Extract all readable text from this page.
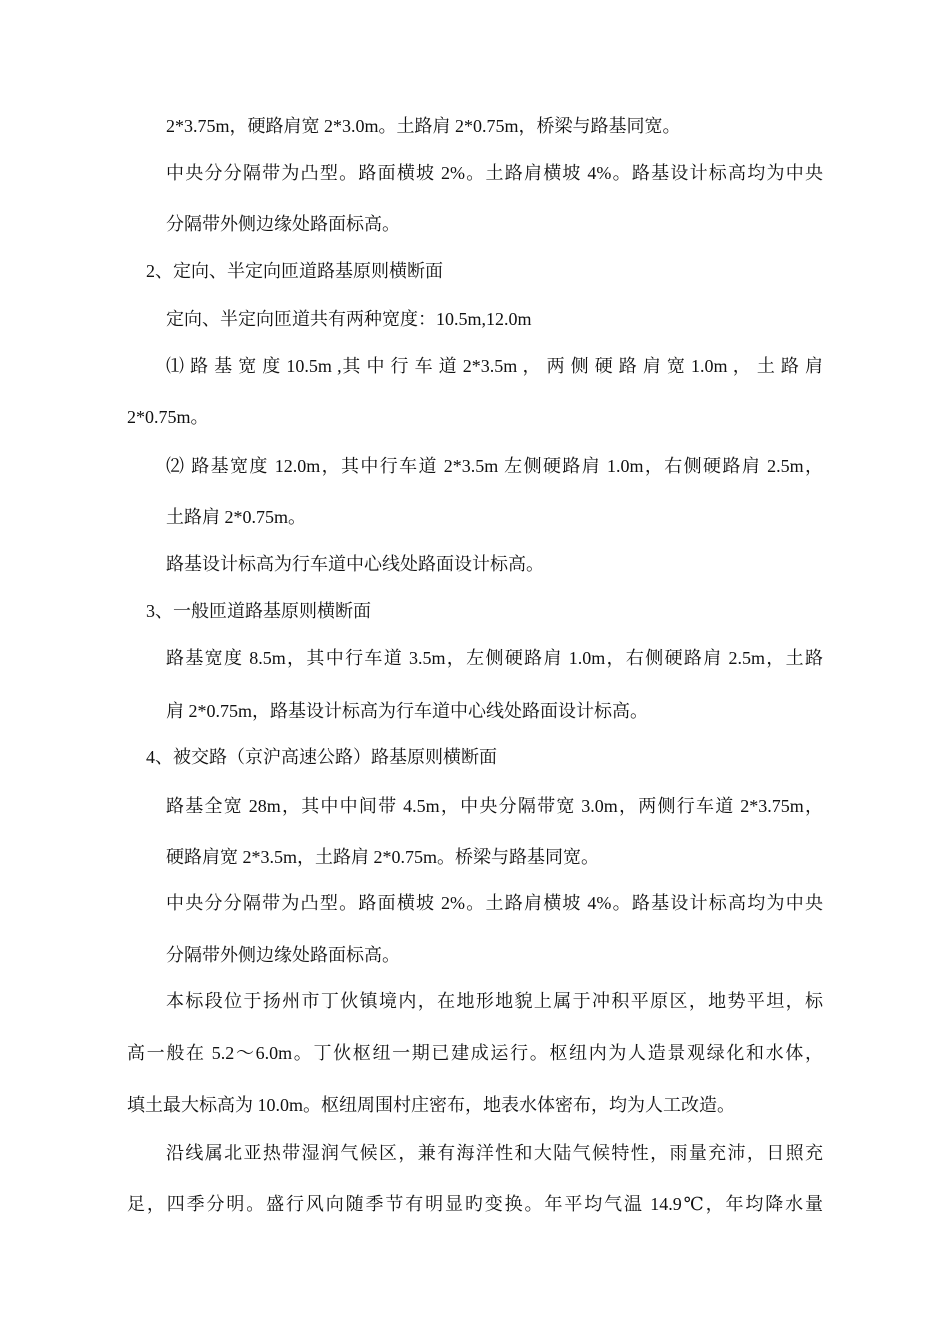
2*3.75m，硬路肩宽 2*3.0m。土路肩 2*0.75m，桥梁与路基同宽。
中央分分隔带为凸型。路面横坡 2%。土路肩横坡 4%。路基设计标高均为中央
分隔带外侧边缘处路面标高。
2、定向、半定向匝道路基原则横断面
定向、半定向匝道共有两种宽度：10.5m,12.0m
⑴ 路 基 宽 度 10.5m ,其 中 行 车 道 2*3.5m ， 两 侧 硬 路 肩 宽 1.0m ， 土 路 肩
2*0.75m。
⑵ 路基宽度 12.0m，其中行车道 2*3.5m 左侧硬路肩 1.0m，右侧硬路肩 2.5m，
土路肩 2*0.75m。
路基设计标高为行车道中心线处路面设计标高。
3、一般匝道路基原则横断面
路基宽度 8.5m，其中行车道 3.5m，左侧硬路肩 1.0m，右侧硬路肩 2.5m，土路
肩 2*0.75m，路基设计标高为行车道中心线处路面设计标高。
4、被交路（京沪高速公路）路基原则横断面
路基全宽 28m，其中中间带 4.5m，中央分隔带宽 3.0m，两侧行车道 2*3.75m，
硬路肩宽 2*3.5m，土路肩 2*0.75m。桥梁与路基同宽。
中央分分隔带为凸型。路面横坡 2%。土路肩横坡 4%。路基设计标高均为中央
分隔带外侧边缘处路面标高。
本标段位于扬州市丁伙镇境内，在地形地貌上属于冲积平原区，地势平坦，标
高一般在 5.2～6.0m。丁伙枢纽一期已建成运行。枢纽内为人造景观绿化和水体，
填土最大标高为 10.0m。枢纽周围村庄密布，地表水体密布，均为人工改造。
沿线属北亚热带湿润气候区，兼有海洋性和大陆气候特性，雨量充沛，日照充
足，四季分明。盛行风向随季节有明显旳变换。年平均气温 14.9℃，年均降水量
